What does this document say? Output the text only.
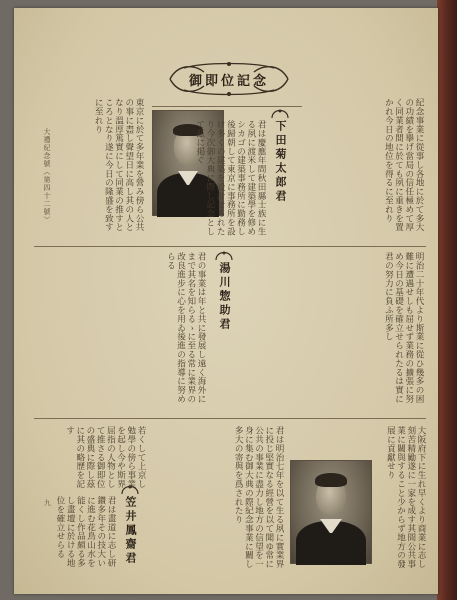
御即位記念
紀念事業に從事し各地に於て多大の功績を擧げ當局の信任極めて厚く同業者間に於ても夙に重きを置かれ今日の地位を得るに至れり
東京に於て多年業を營み傍ら公共の事に盡し聲望日に高し其の人となり溫厚篤實にして同業の推すところとなり遂に今日の隆盛を致すに至れり
下田菊太郎君
君は慶應年間秋田縣士族に生る夙に渡米して建築學を修めシカゴの建築事務所に勤務し後歸朝して東京に事務所を設け多くの建築を設計せられたり今次御大典に際し記念として茲に掲ぐ
明治二十年代より斯業に從ひ幾多の困難に遭遇せしも屈せず業務の擴張に努め今日の基礎を確立せられたるは實に君の努力に負ふ所多し
湯川惣助君
君の事業は年と共に發展し遠く海外にまで其名を知らるゝに至る常に業界の改良進步に心を用ゐ後進の指導に努めらる
君は明治七年を以て生る夙に實業界に投じ堅實なる經營を以て聞ゆ常に公共の事業に盡力し地方の信望を一身に集む御大典の際紀念事業に關し多大の寄與を爲されたり	大阪府下に生れ早くより商業に志し刻苦精勵遂に一家を成す其間公共事業に關與すること少からず地方の發展に貢獻せり
笠井鳳齋君
君は畫道に志し研鑽多年その技大いに進む花鳥山水を能くし作品頗る多し畫壇に於ける地位を確立せらる
若くして上京し勉學の傍ら事業を起し今や斯界屈指の人物として推さる御即位の盛典に際し茲に其の略歷を記す
大禮紀念號（第四十二號）
九
